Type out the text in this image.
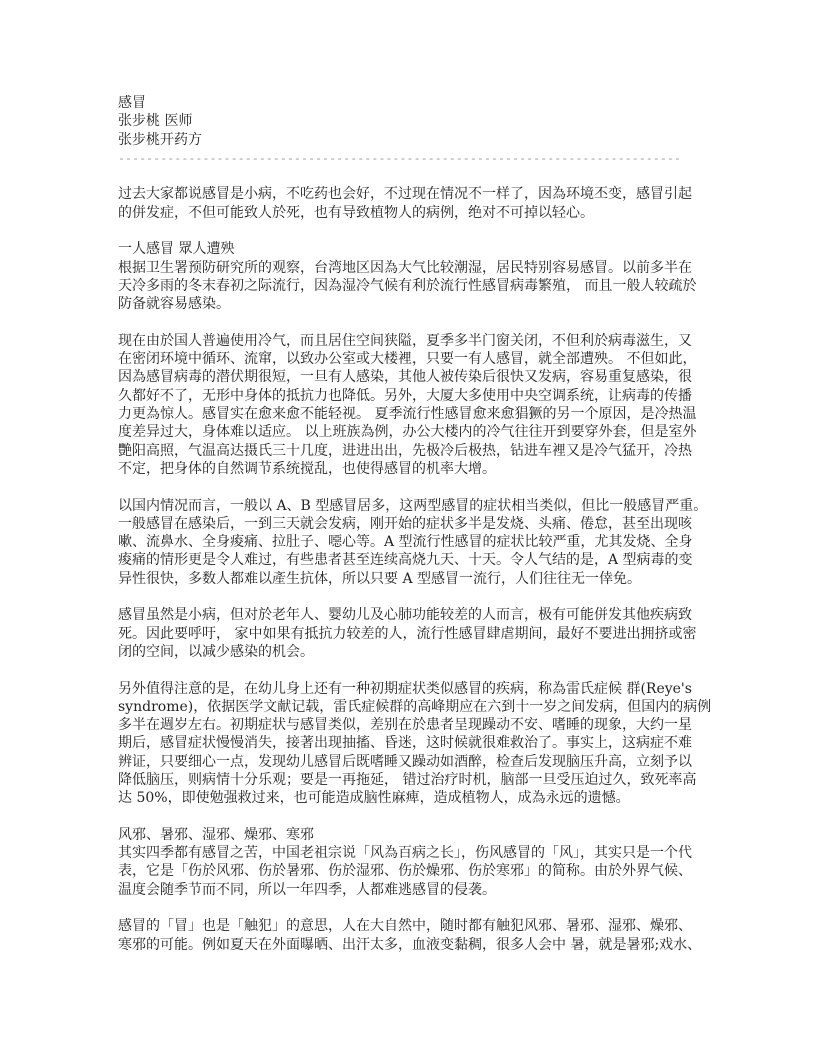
感冒
张步桃 医师
张步桃开药方
--------------------------------------------------------------------------------
过去大家都说感冒是小病，不吃药也会好，不过现在情况不一样了，因為环境丕变，感冒引起
的併发症，不但可能致人於死，也有导致植物人的病例，绝对不可掉以轻心。
一人感冒 眾人遭殃
根据卫生署预防研究所的观察，台湾地区因為大气比较潮湿，居民特别容易感冒。以前多半在
天冷多雨的冬末春初之际流行，因為湿冷气候有利於流行性感冒病毒繁殖， 而且一般人较疏於
防备就容易感染。
现在由於国人普遍使用冷气，而且居住空间狭隘，夏季多半门窗关闭，不但利於病毒滋生，又
在密闭环境中循环、流窜，以致办公室或大楼裡，只要一有人感冒，就全部遭殃。 不但如此，
因為感冒病毒的潜伏期很短，一旦有人感染，其他人被传染后很快又发病，容易重复感染，很
久都好不了，无形中身体的抵抗力也降低。另外，大厦大多使用中央空调系统，让病毒的传播
力更為惊人。感冒实在愈来愈不能轻视。 夏季流行性感冒愈来愈猖獗的另一个原因，是冷热温
度差异过大，身体难以适应。 以上班族為例，办公大楼内的冷气往往开到要穿外套，但是室外
艷阳高照，气温高达摄氏三十几度，进进出出，先极冷后极热，钻进车裡又是冷气猛开，冷热
不定，把身体的自然调节系统搅乱，也使得感冒的机率大增。
以国内情况而言，一般以 A、B 型感冒居多，这两型感冒的症状相当类似，但比一般感冒严重。
一般感冒在感染后，一到三天就会发病，刚开始的症状多半是发烧、头痛、倦怠，甚至出现咳
嗽、流鼻水、全身痠痛、拉肚子、噁心等。A 型流行性感冒的症状比较严重，尤其发烧、全身
痠痛的情形更是令人难过，有些患者甚至连续高烧九天、十天。令人气结的是，A 型病毒的变
异性很快，多数人都难以產生抗体，所以只要 A 型感冒一流行，人们往往无一倖免。
感冒虽然是小病，但对於老年人、婴幼儿及心肺功能较差的人而言，极有可能併发其他疾病致
死。因此要呼吁， 家中如果有抵抗力较差的人，流行性感冒肆虐期间，最好不要进出拥挤或密
闭的空间，以减少感染的机会。
另外值得注意的是，在幼儿身上还有一种初期症状类似感冒的疾病，称為雷氏症候 群(Reye's
syndrome)，依据医学文献记载，雷氏症候群的高峰期应在六到十一岁之间发病，但国内的病例
多半在週岁左右。初期症状与感冒类似，差别在於患者呈现躁动不安、嗜睡的现象，大约一星
期后，感冒症状慢慢消失，接著出现抽搐、昏迷，这时候就很难救治了。事实上，这病症不难
辨证，只要细心一点，发现幼儿感冒后既嗜睡又躁动如酒醉，检查后发现脑压升高，立刻予以
降低脑压，则病情十分乐观；要是一再拖延， 错过治疗时机，脑部一旦受压迫过久，致死率高
达 50%，即使勉强救过来，也可能造成脑性麻痺，造成植物人，成為永远的遗憾。
风邪、暑邪、湿邪、燥邪、寒邪
其实四季都有感冒之苦，中国老祖宗说「风為百病之长」，伤风感冒的「风」，其实只是一个代
表，它是「伤於风邪、伤於暑邪、伤於湿邪、伤於燥邪、伤於寒邪」的简称。由於外界气候、
温度会随季节而不同，所以一年四季，人都难逃感冒的侵袭。
感冒的「冒」也是「触犯」的意思，人在大自然中，随时都有触犯风邪、暑邪、湿邪、燥邪、
寒邪的可能。例如夏天在外面曝晒、出汗太多，血液变黏稠，很多人会中 暑，就是暑邪;戏水、
